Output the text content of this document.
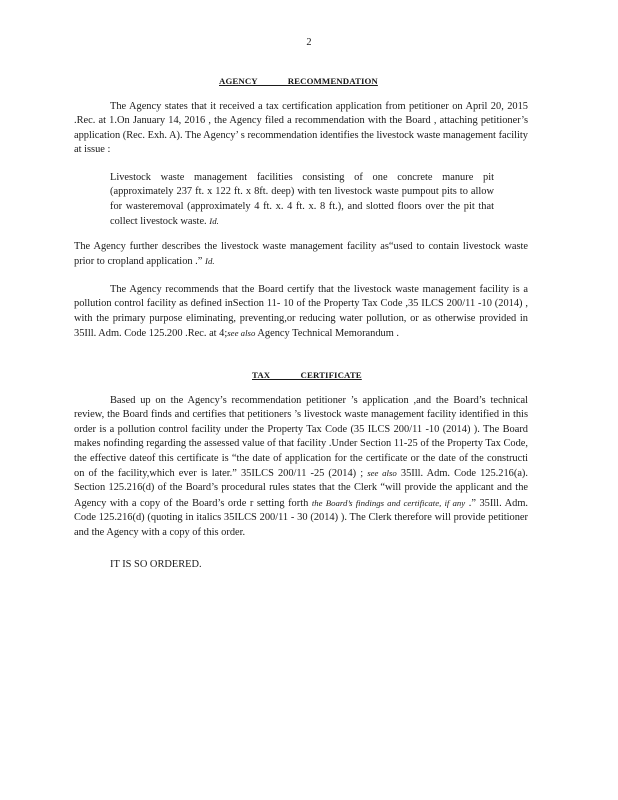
2
AGENCY RECOMMENDATION

The Agency states that it received a tax certification application from petitioner on April 20, 2015 .Rec. at 1.On January 14, 2016 , the Agency filed a recommendation with the Board , attaching petitioner’s application (Rec. Exh. A). The Agency’ s recommendation identifies the livestock waste management facility at issue :

Livestock waste management facilities consisting of one concrete manure pit (approximately 237 ft. x 122 ft. x 8ft. deep) with ten livestock waste pumpout pits to allow for wasteremoval (approximately 4 ft. x. 4 ft. x. 8 ft.), and slotted floors over the pit that collect livestock waste. Id.

The Agency further describes the livestock waste management facility as“used to contain livestock waste prior to cropland application .” Id.

The Agency recommends that the Board certify that the livestock waste management facility is a pollution control facility as defined inSection 11- 10 of the Property Tax Code ,35 ILCS 200/11 -10 (2014) , with the primary purpose eliminating, preventing,or reducing water pollution, or as otherwise provided in 35Ill. Adm. Code 125.200 .Rec. at 4;see also Agency Technical Memorandum .

TAX CERTIFICATE

Based up on the Agency’s recommendation petitioner ’s application ,and the Board’s technical review, the Board finds and certifies that petitioners ’s livestock waste management facility identified in this order is a pollution control facility under the Property Tax Code (35 ILCS 200/11 -10 (2014) ). The Board makes nofinding regarding the assessed value of that facility .Under Section 11-25 of the Property Tax Code, the effective dateof this certificate is “the date of application for the certificate or the date of the constructi on of the facility,which ever is later.” 35ILCS 200/11 -25 (2014) ; see also 35Ill. Adm. Code 125.216(a). Section 125.216(d) of the Board’s procedural rules states that the Clerk “will provide the applicant and the Agency with a copy of the Board’s orde r setting forth the Board’s findings and certificate, if any .” 35Ill. Adm. Code 125.216(d) (quoting in italics 35ILCS 200/11 - 30 (2014) ). The Clerk therefore will provide petitioner and the Agency with a copy of this order.

IT IS SO ORDERED.
